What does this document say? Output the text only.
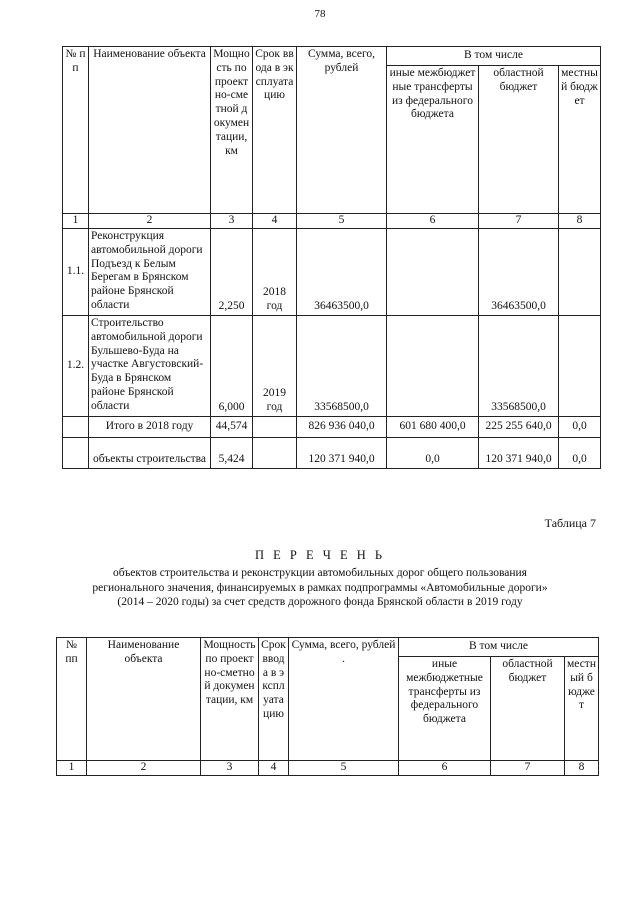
78
№ п п	Наименование объекта	Мощность по проектно-сметной документации, км	Срок ввода в эксплуатацию	Сумма, всего, рублей	В том числе		
					иные межбюджетные трансферты из федерального бюджета	областной бюджет	местный бюджет
1	2	3	4	5	6	7	8
1.1.	Реконструкция автомобильной дороги Подъезд к Белым Берегам в Брянском районе Брянской области	2,250	2018 год	36463500,0		36463500,0	
1.2.	Строительство автомобильной дороги Бульшево-Буда на участке Августовский-Буда в Брянском районе Брянской области	6,000	2019 год	33568500,0		33568500,0	
	Итого в 2018 году	44,574		826 936 040,0	601 680 400,0	225 255 640,0	0,0
	объекты строительства	5,424		120 371 940,0	0,0	120 371 940,0	0,0
Таблица 7
П Е Р Е Ч Е Н Ь
объектов строительства и реконструкции автомобильных дорог общего пользования регионального значения, финансируемых в рамках подпрограммы «Автомобильные дороги» (2014 – 2020 годы) за счет средств дорожного фонда Брянской области в 2019 году
№ пп	Наименование объекта	Мощность по проектно-сметной документации, км	Срок ввода в эксплуатацию	Сумма, всего, рублей .	В том числе		
					иные межбюджетные трансферты из федерального бюджета	областной бюджет	местный бюджет
1	2	3	4	5	6	7	8
